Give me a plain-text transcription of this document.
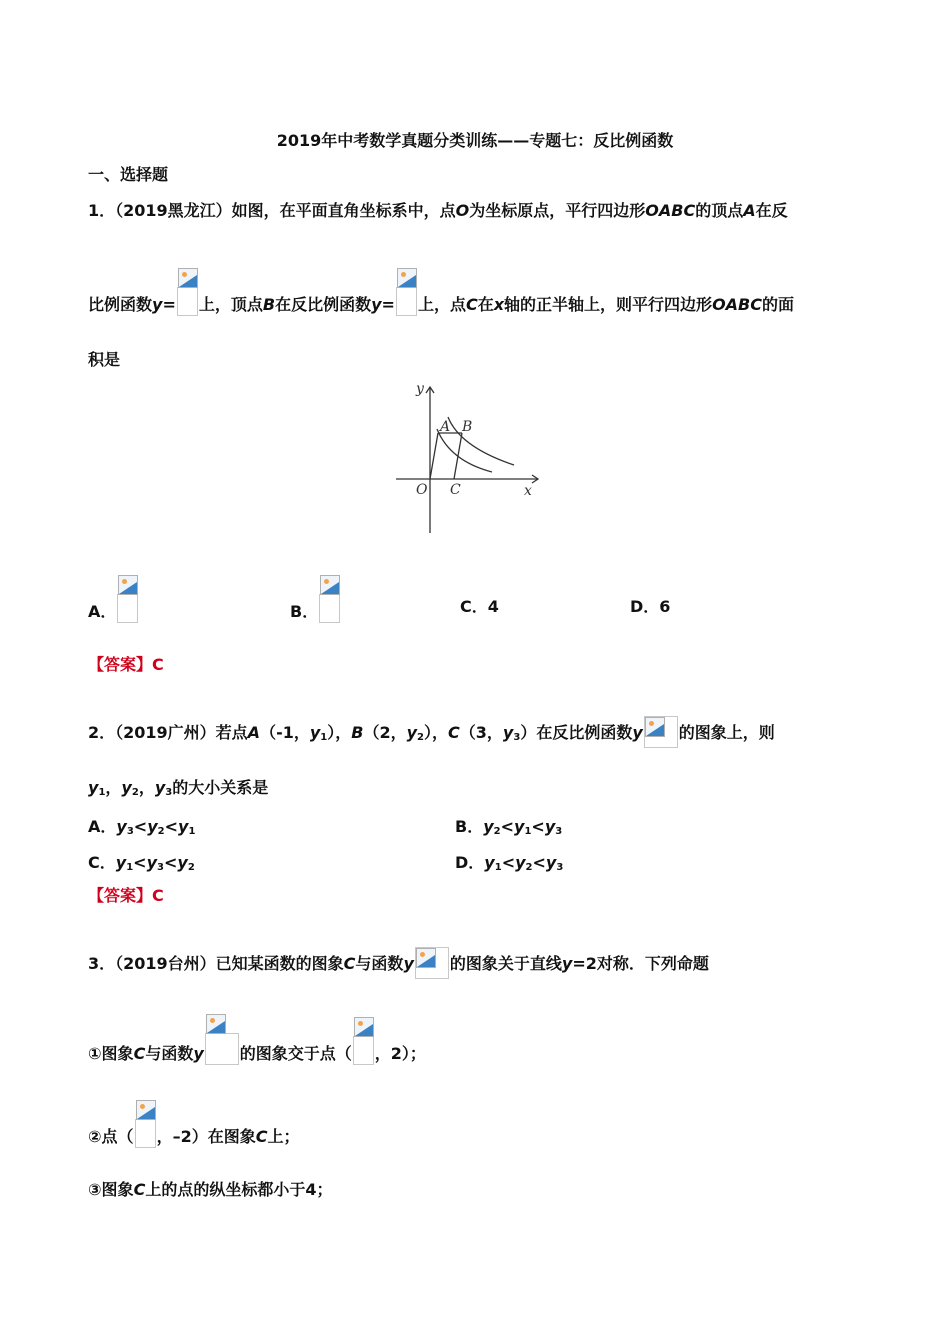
2019年中考数学真题分类训练——专题七：反比例函数
一、选择题
1．（2019黑龙江）如图，在平面直角坐标系中，点O为坐标原点，平行四边形OABC的顶点A在反
比例函数y= 上，顶点B在反比例函数y= 上，点C在x轴的正半轴上，则平行四边形OABC的面
积是
y
x
O
A B
C
A．	B．	C．4	D．6
【答案】C
2．（2019广州）若点A（-1，$y_1$），B（2，$y_2$），C（3，$y_3$）在反比例函数y 的图象上，则
$y_1$，$y_2$，$y_3$的大小关系是
A．$y_3<y_2<y_1$	B．$y_2<y_1<y_3$
C．$y_1<y_3<y_2$	D．$y_1<y_2<y_3$
【答案】C
3．（2019台州）已知某函数的图象C与函数y 的图象关于直线y=2对称．下列命题
①图象C与函数y 的图象交于点（ ，2）；
②点（ ，–2）在图象C上；
③图象C上的点的纵坐标都小于4；
